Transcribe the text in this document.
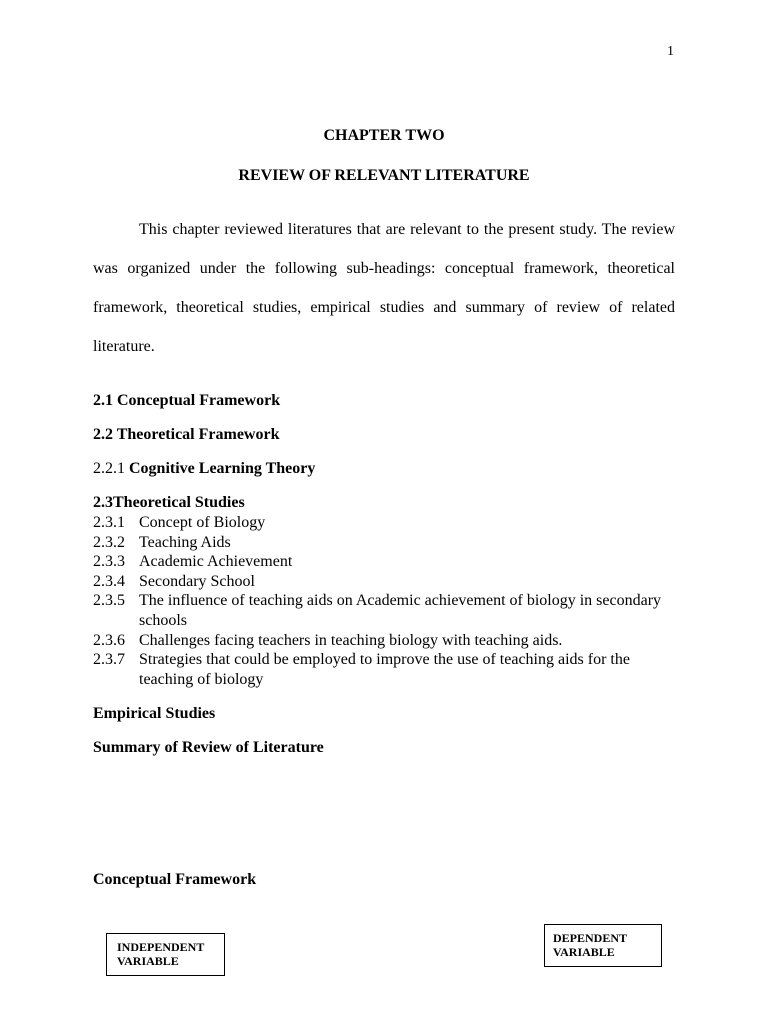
1
CHAPTER TWO
REVIEW OF RELEVANT LITERATURE

This chapter reviewed literatures that are relevant to the present study. The review was organized under the following sub-headings: conceptual framework, theoretical framework, theoretical studies, empirical studies and summary of review of related literature.

2.1 Conceptual Framework
2.2 Theoretical Framework
2.2.1 Cognitive Learning Theory
2.3Theoretical Studies
2.3.1 Concept of Biology
2.3.2 Teaching Aids
2.3.3 Academic Achievement
2.3.4 Secondary School
2.3.5 The influence of teaching aids on Academic achievement of biology in secondary schools
2.3.6 Challenges facing teachers in teaching biology with teaching aids.
2.3.7 Strategies that could be employed to improve the use of teaching aids for the teaching of biology
Empirical Studies
Summary of Review of Literature
Conceptual Framework
DEPENDENT
VARIABLE
INDEPENDENT
VARIABLE
